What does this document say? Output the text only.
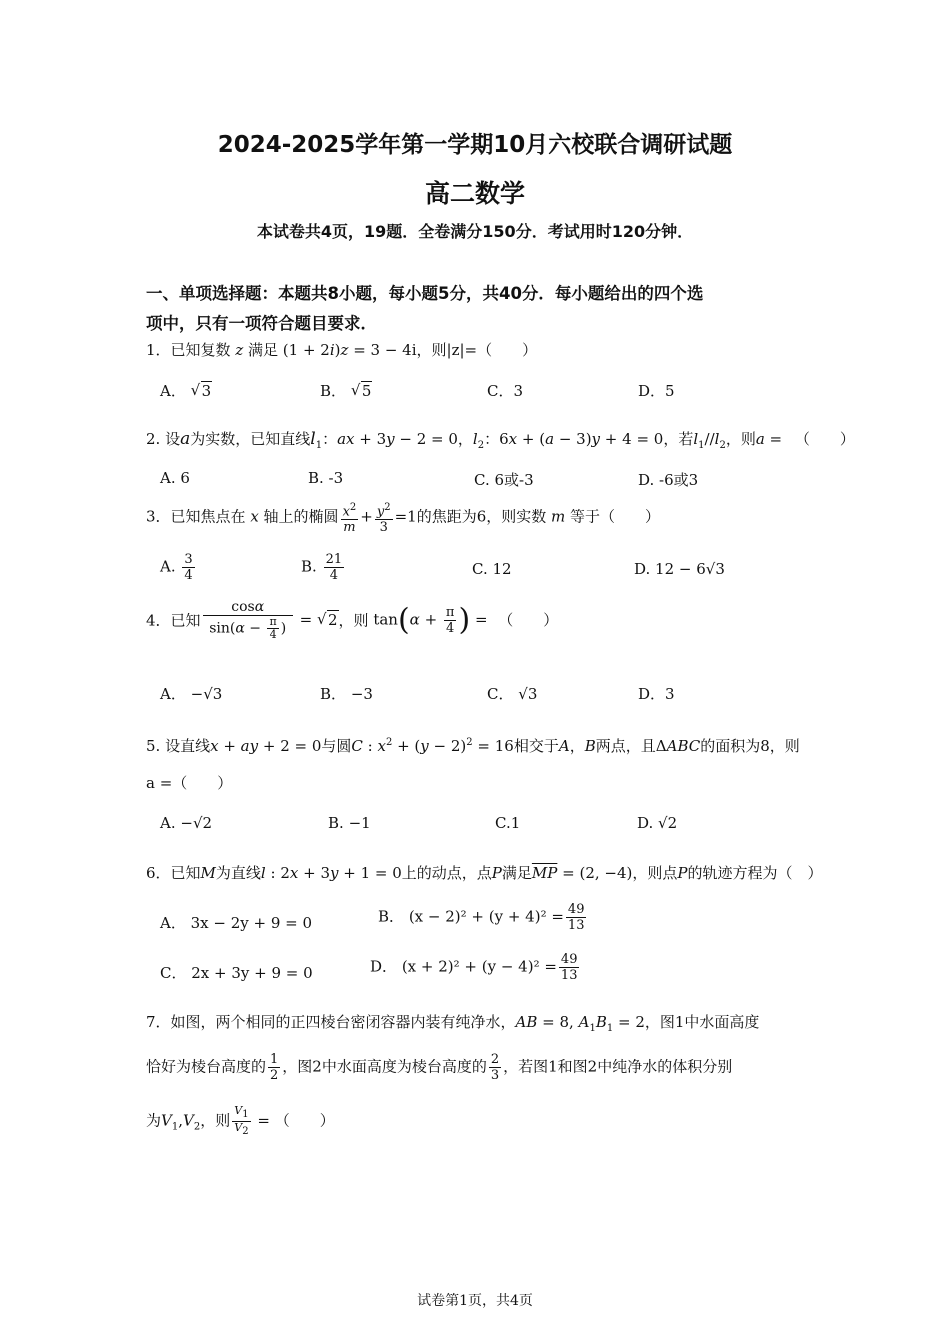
2024-2025学年第一学期10月六校联合调研试题
高二数学
本试卷共4页，19题．全卷满分150分．考试用时120分钟．
一、单项选择题：本题共8小题，每小题5分，共40分．每小题给出的四个选
项中，只有一项符合题目要求．
1．已知复数 z 满足 (1 + 2i)z = 3 − 4i，则|z|=（　　）
A． √ 3	B． √ 5	C．3	D．5
2. 设a为实数，已知直线$l_1$：ax + 3y − 2 = 0，$l_2$：6x + (a − 3)y + 4 = 0，若$l_1//l_2$，则a = （　　）
A. 6	B. -3	C. 6或-3	D. -6或3
3．已知焦点在 x 轴上的椭圆 $\frac{x^2}{m} + \frac{y^2}{3} =1$的焦距为6，则实数 m 等于（　　）
A. $\frac{3}{4}$	B. $\frac{21}{4}$	C. 12	D. 12 − 6√3
4．已知 $\frac{\cos\alpha}{\sin(\alpha - \frac{\pi}{4} )}$ = √ 2，则 $\tan(\alpha + \frac{\pi}{4}$ ) = （　　）
A． −√3	B． −3	C． √3	D．3
5. 设直线x + ay + 2 = 0与圆C : $x^2 + (y - 2)^2 = 16$相交于A，B两点，且ΔABC的面积为8，则
a =（　　）
A. −√2	B. −1	C.1	D. √2
6．已知M为直线l : 2x + 3y + 1 = 0上的动点，点P满足$\overline{MP} = (2$, −4)，则点P的轨迹方程为（　）
A． 3x − 2y + 9 = 0	B． $(x - 2)^2 + (y + 4)^2 = \frac{49}{13}$
C． 2x + 3y + 9 = 0	D． $(x + 2)^2 + (y - 4)^2 = \frac{49}{13}$
7．如图，两个相同的正四棱台密闭容器内装有纯净水，AB = 8, $A_1B_1 = 2$，图1中水面高度
恰好为棱台高度的 $\frac{1}{2}$ ，图2中水面高度为棱台高度的 $\frac{2}{3}$ ，若图1和图2中纯净水的体积分别
为$V_1,V_2$，则 $\frac{V_1}{V_2}$ = （　　）
试卷第1页，共4页
